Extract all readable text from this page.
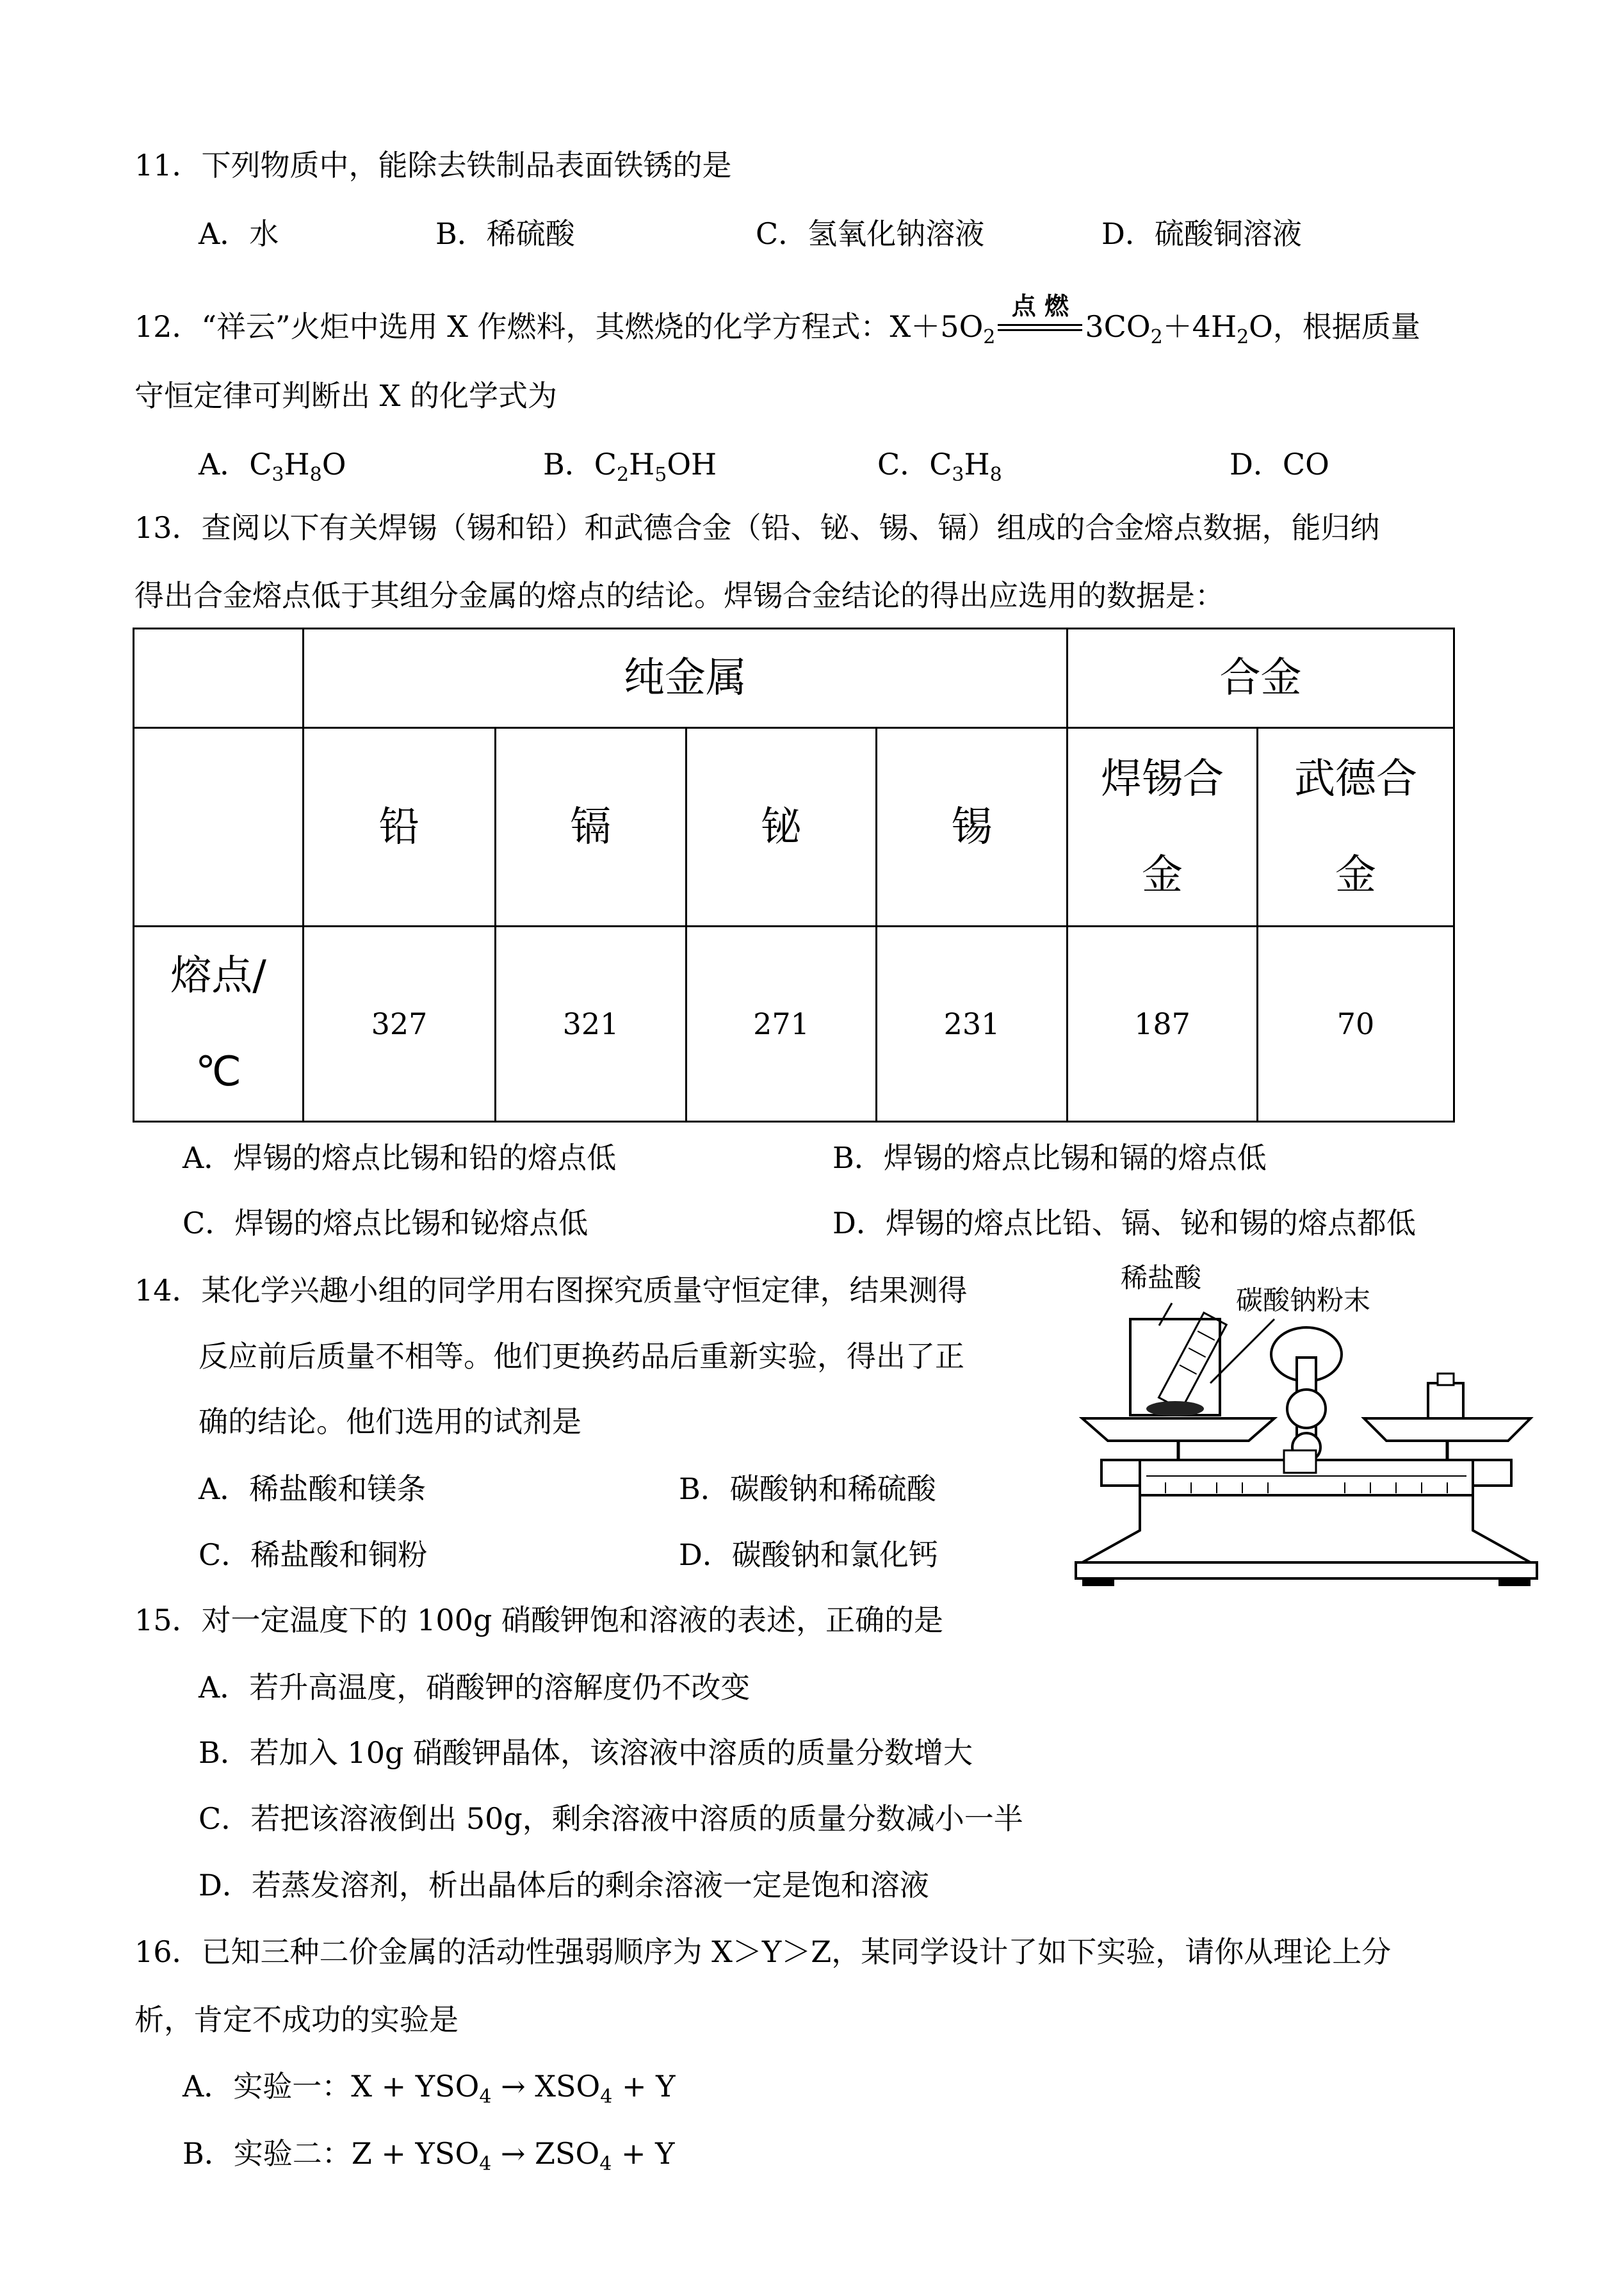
11．下列物质中，能除去铁制品表面铁锈的是
A．水	B．稀硫酸	C．氢氧化钠溶液	D．硫酸铜溶液
12．“祥云”火炬中选用 X 作燃料，其燃烧的化学方程式：$X+5O_2$
点 燃
$3CO_2+4H_2O$，根据质量
守恒定律可判断出 X 的化学式为
A．$C_3H_8O$	B．$C_2H_5OH$	C．$C_3H_8$	D．CO
13．查阅以下有关焊锡（锡和铅）和武德合金（铅、铋、锡、镉）组成的合金熔点数据，能归纳
得出合金熔点低于其组分金属的熔点的结论。焊锡合金结论的得出应选用的数据是：
	纯金属				合金	
	铅	镉	铋	锡	焊锡合金	武德合金
熔点/℃	327	321	271	231	187	70
A．焊锡的熔点比锡和铅的熔点低	B．焊锡的熔点比锡和镉的熔点低
C．焊锡的熔点比锡和铋熔点低	D．焊锡的熔点比铅、镉、铋和锡的熔点都低
14．某化学兴趣小组的同学用右图探究质量守恒定律，结果测得
反应前后质量不相等。他们更换药品后重新实验，得出了正
确的结论。他们选用的试剂是
A．稀盐酸和镁条	B．碳酸钠和稀硫酸
C．稀盐酸和铜粉	D．碳酸钠和氯化钙
稀盐酸
碳酸钠粉末
15．对一定温度下的 100g 硝酸钾饱和溶液的表述，正确的是
A．若升高温度，硝酸钾的溶解度仍不改变
B．若加入 10g 硝酸钾晶体，该溶液中溶质的质量分数增大
C．若把该溶液倒出 50g，剩余溶液中溶质的质量分数减小一半
D．若蒸发溶剂，析出晶体后的剩余溶液一定是饱和溶液
16．已知三种二价金属的活动性强弱顺序为 X＞Y＞Z，某同学设计了如下实验，请你从理论上分
析，肯定不成功的实验是
A．实验一：$X + YSO_4 \to XSO_4 + Y$
B．实验二：$Z + YSO_4 \to ZSO_4 + Y$
